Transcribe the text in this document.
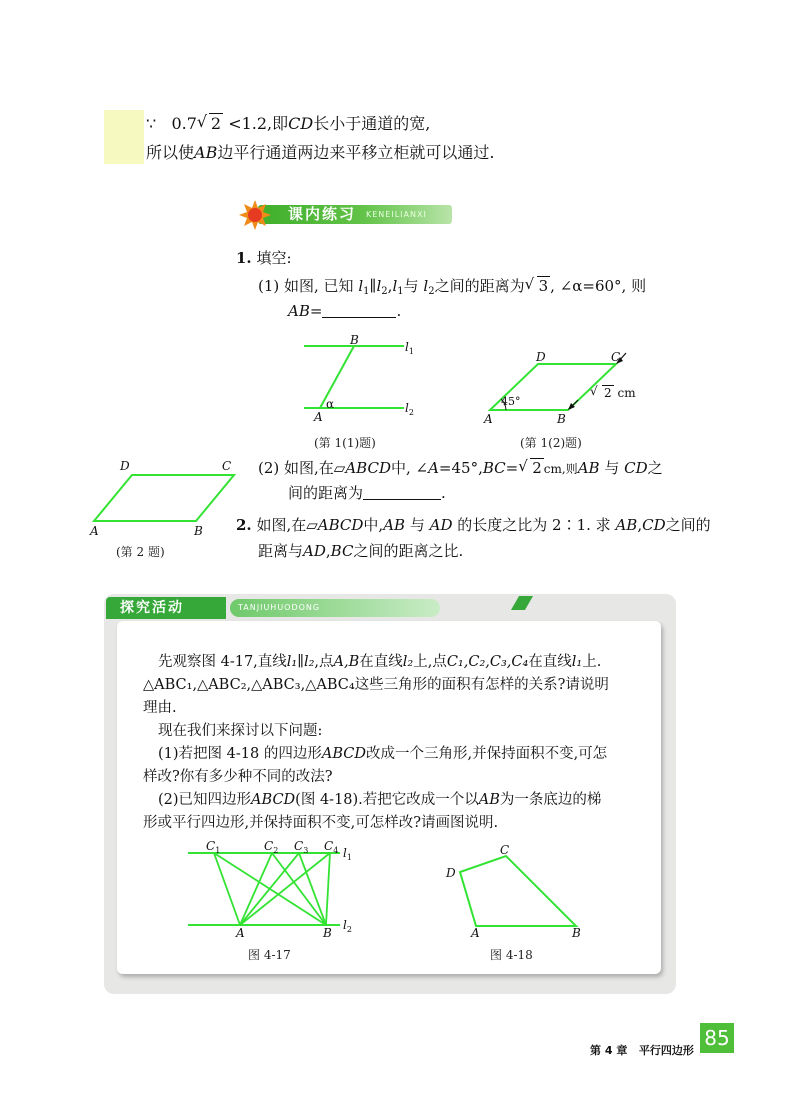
∵ 0.7 √ 2 <1.2,即CD长小于通道的宽,
所以使AB边平行通道两边来平移立柜就可以通过.
课内练习 KENEILIANXI
1. 填空:
(1) 如图, 已知 $l_1\parallel l_2,l_1$与 $l_2$之间的距离为 √ 3 , ∠α=60°, 则
AB=	.
B
A
α
$l_1$
$l_2$
(第 1(1)题)
D	C
A	B
45°
√ 2 cm
(第 1(2)题)
D	C
A	B
(第 2 题)
(2) 如图,在▱ABCD中, ∠A=45°,BC= √ 2 cm,则AB 与 CD之
间的距离为	.
2. 如图,在▱ABCD中,AB 与 AD 的长度之比为 2∶1. 求 AB,CD之间的
距离与AD,BC之间的距离之比.
探究活动	TANJIUHUODONG
先观察图 4-17,直线l₁∥l₂,点A,B在直线l₂上,点C₁,C₂,C₃,C₄在直线l₁上.
△ABC₁,△ABC₂,△ABC₃,△ABC₄这些三角形的面积有怎样的关系?请说明
理由.
现在我们来探讨以下问题:
(1)若把图 4-18 的四边形ABCD改成一个三角形,并保持面积不变,可怎
样改?你有多少种不同的改法?
(2)已知四边形ABCD(图 4-18).若把它改成一个以AB为一条底边的梯
形或平行四边形,并保持面积不变,可怎样改?请画图说明.
$C_1$	$C_2$ $C_3$ $C_4$ $l_1$
$l_2$
A	B
图 4-17
C
D
A	B
图 4-18
第 4 章 平行四边形
85
